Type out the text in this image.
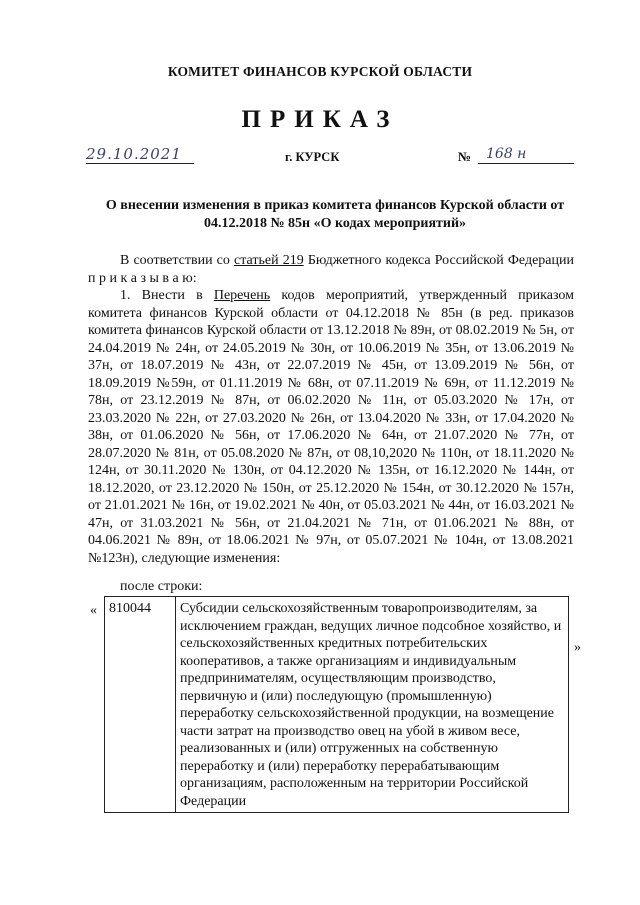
КОМИТЕТ ФИНАНСОВ КУРСКОЙ ОБЛАСТИ
ПРИКАЗ
29.10.2021	г. КУРСК	№	168 н
О внесении изменения в приказ комитета финансов Курской области от 04.12.2018 № 85н «О кодах мероприятий»

В соответствии со статьей 219 Бюджетного кодекса Российской Федерации п р и к а з ы в а ю:

1. Внести в Перечень кодов мероприятий, утвержденный приказом комитета финансов Курской области от 04.12.2018 № 85н (в ред. приказов комитета финансов Курской области от 13.12.2018 № 89н, от 08.02.2019 № 5н, от 24.04.2019 № 24н, от 24.05.2019 № 30н, от 10.06.2019 № 35н, от 13.06.2019 № 37н, от 18.07.2019 № 43н, от 22.07.2019 № 45н, от 13.09.2019 № 56н, от 18.09.2019 №59н, от 01.11.2019 № 68н, от 07.11.2019 № 69н, от 11.12.2019 № 78н, от 23.12.2019 № 87н, от 06.02.2020 № 11н, от 05.03.2020 № 17н, от 23.03.2020 № 22н, от 27.03.2020 № 26н, от 13.04.2020 № 33н, от 17.04.2020 № 38н, от 01.06.2020 № 56н, от 17.06.2020 № 64н, от 21.07.2020 № 77н, от 28.07.2020 № 81н, от 05.08.2020 № 87н, от 08,10,2020 № 110н, от 18.11.2020 № 124н, от 30.11.2020 № 130н, от 04.12.2020 № 135н, от 16.12.2020 № 144н, от 18.12.2020, от 23.12.2020 № 150н, от 25.12.2020 № 154н, от 30.12.2020 № 157н, от 21.01.2021 № 16н, от 19.02.2021 № 40н, от 05.03.2021 № 44н, от 16.03.2021 № 47н, от 31.03.2021 № 56н, от 21.04.2021 № 71н, от 01.06.2021 № 88н, от 04.06.2021 № 89н, от 18.06.2021 № 97н, от 05.07.2021 № 104н, от 13.08.2021 №123н), следующие изменения:

после строки:
«
»
810044	Субсидии сельскохозяйственным товаропроизводителям, за исключением граждан, ведущих личное подсобное хозяйство, и сельскохозяйственных кредитных потребительских кооперативов, а также организациям и индивидуальным предпринимателям, осуществляющим производство, первичную и (или) последующую (промышленную) переработку сельскохозяйственной продукции, на возмещение части затрат на производство овец на убой в живом весе, реализованных и (или) отгруженных на собственную переработку и (или) переработку перерабатывающим организациям, расположенным на территории Российской Федерации
